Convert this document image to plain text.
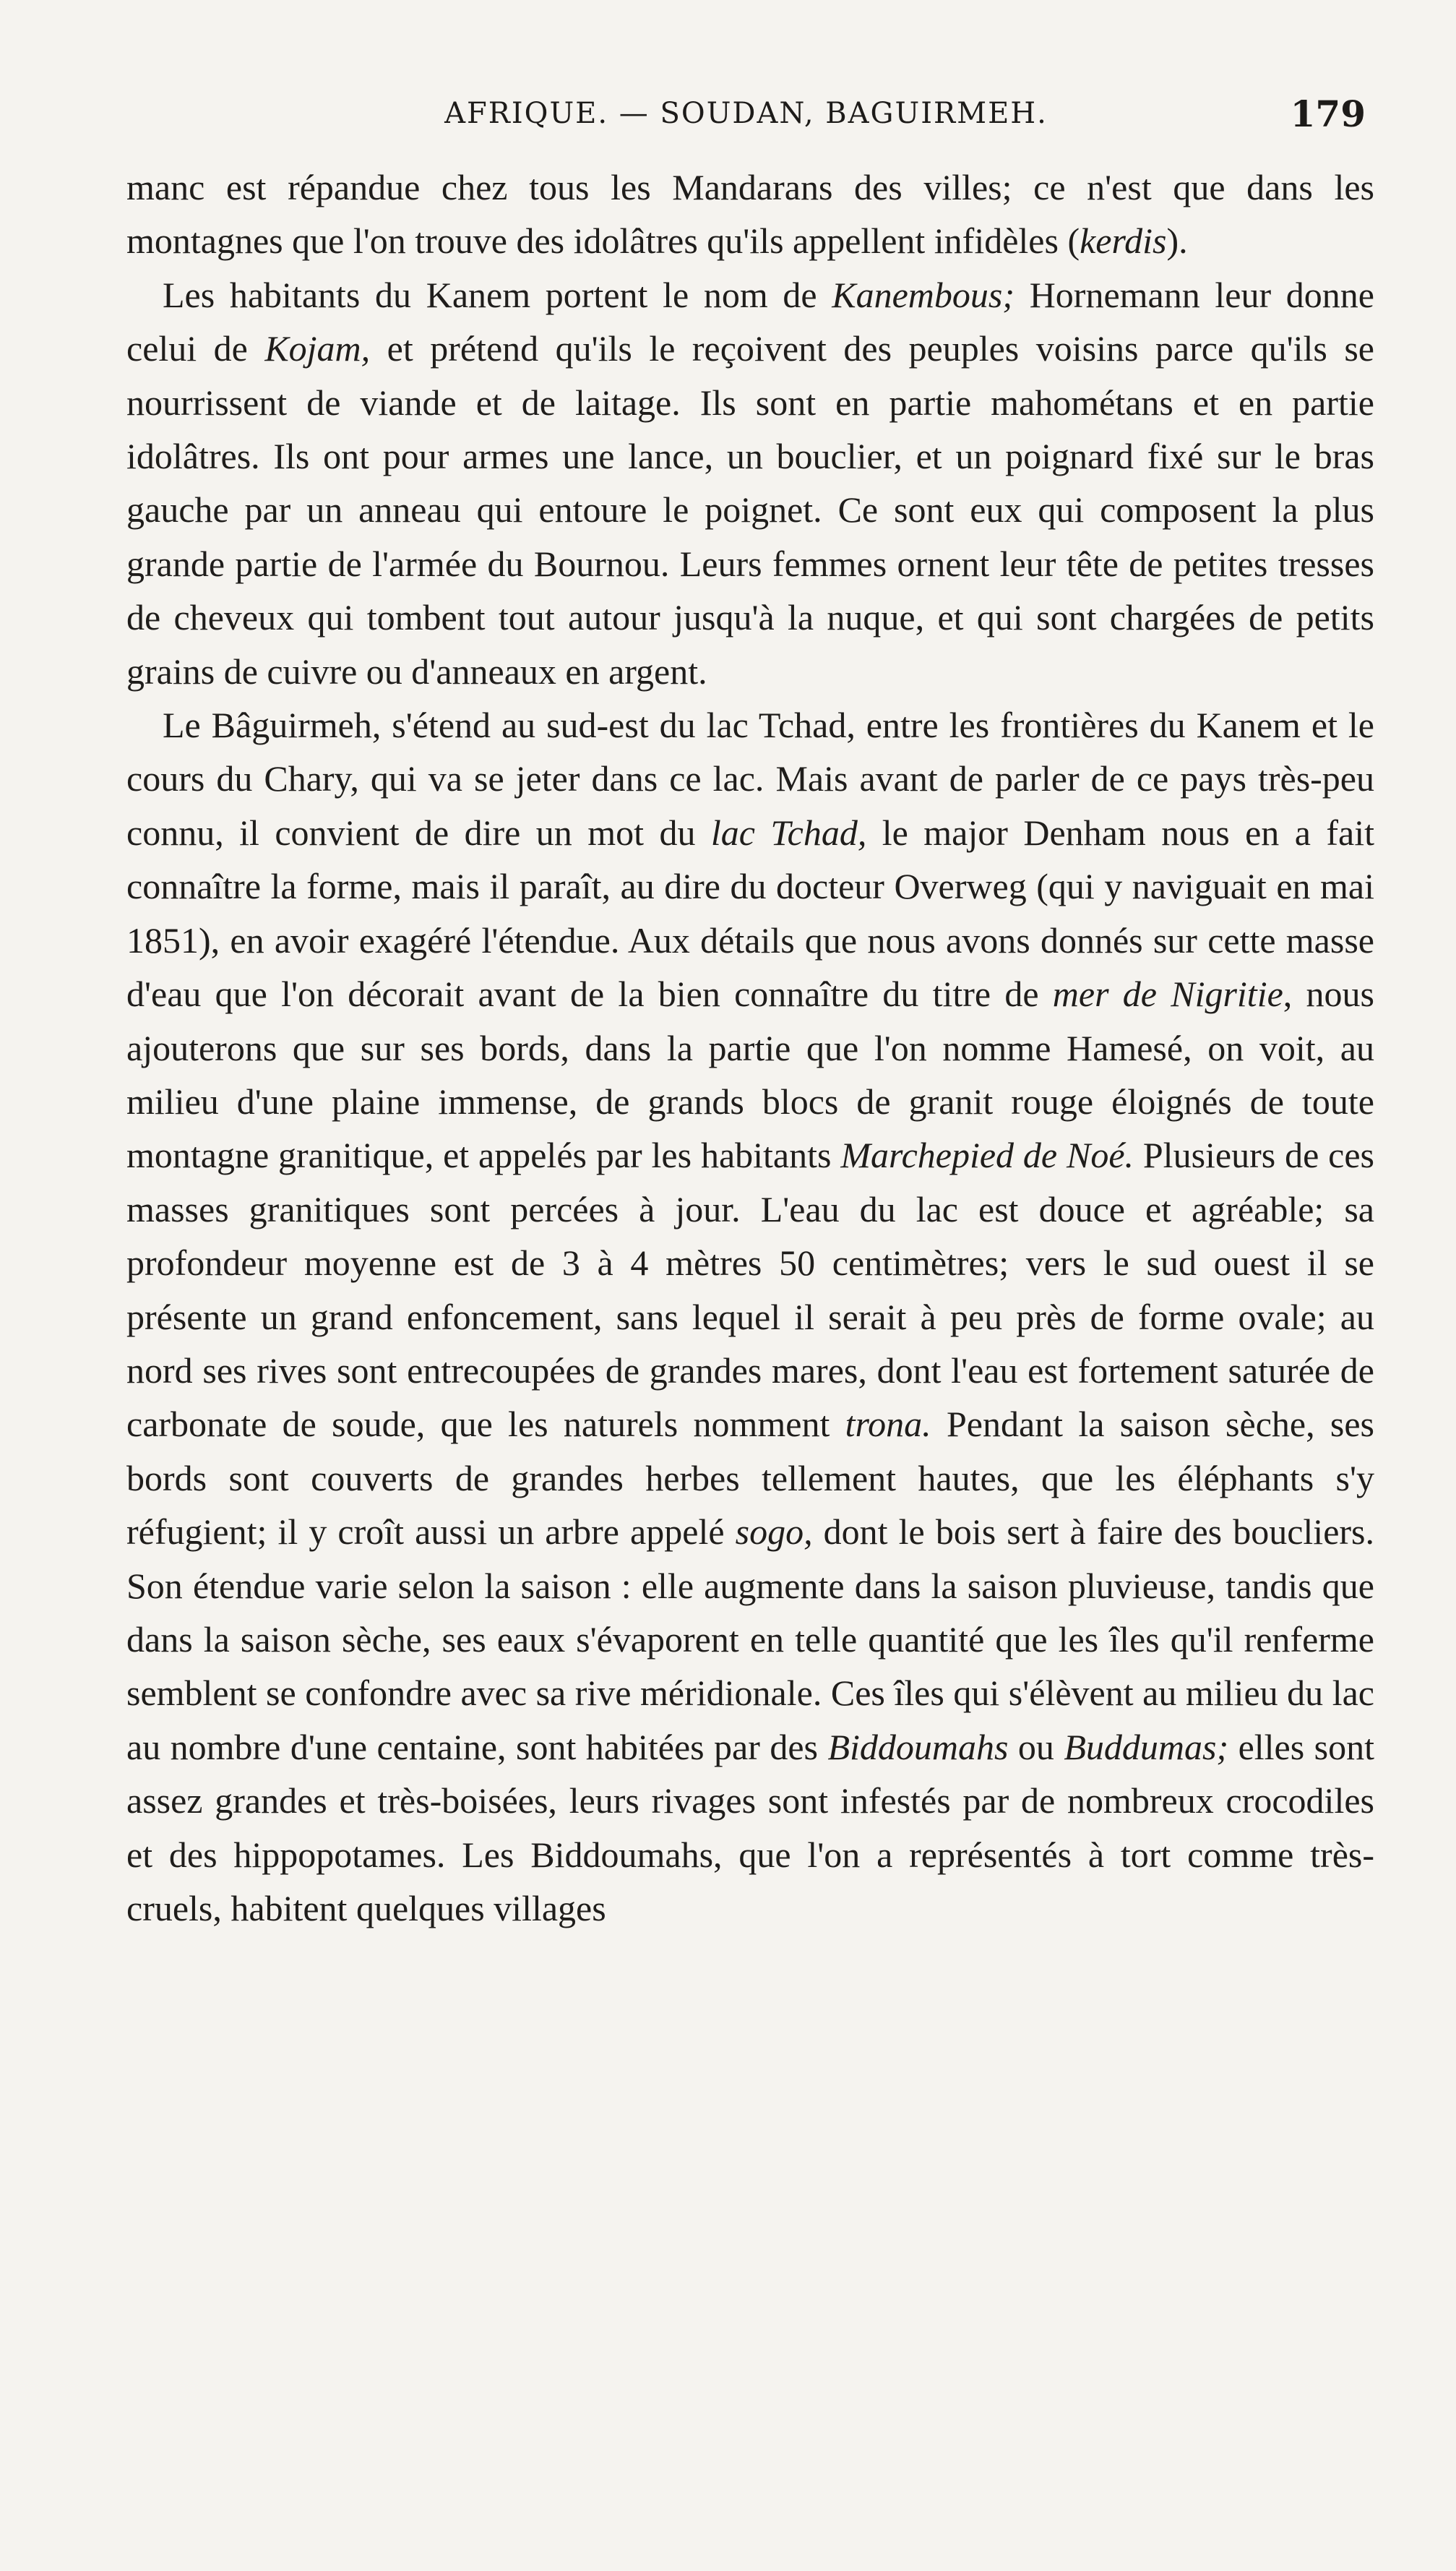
AFRIQUE. — SOUDAN, BAGUIRMEH.	179

manc est répandue chez tous les Mandarans des villes; ce n'est que dans les montagnes que l'on trouve des idolâtres qu'ils appellent infidèles (kerdis).

Les habitants du Kanem portent le nom de Kanembous; Hornemann leur donne celui de Kojam, et prétend qu'ils le reçoivent des peuples voisins parce qu'ils se nourrissent de viande et de laitage. Ils sont en partie mahométans et en partie idolâtres. Ils ont pour armes une lance, un bouclier, et un poignard fixé sur le bras gauche par un anneau qui entoure le poignet. Ce sont eux qui composent la plus grande partie de l'armée du Bournou. Leurs femmes ornent leur tête de petites tresses de cheveux qui tombent tout autour jusqu'à la nuque, et qui sont chargées de petits grains de cuivre ou d'anneaux en argent.

Le Bâguirmeh, s'étend au sud-est du lac Tchad, entre les frontières du Kanem et le cours du Chary, qui va se jeter dans ce lac. Mais avant de parler de ce pays très-peu connu, il convient de dire un mot du lac Tchad, le major Denham nous en a fait connaître la forme, mais il paraît, au dire du docteur Overweg (qui y naviguait en mai 1851), en avoir exagéré l'étendue. Aux détails que nous avons donnés sur cette masse d'eau que l'on décorait avant de la bien connaître du titre de mer de Nigritie, nous ajouterons que sur ses bords, dans la partie que l'on nomme Hamesé, on voit, au milieu d'une plaine immense, de grands blocs de granit rouge éloignés de toute montagne granitique, et appelés par les habitants Marchepied de Noé. Plusieurs de ces masses granitiques sont percées à jour. L'eau du lac est douce et agréable; sa profondeur moyenne est de 3 à 4 mètres 50 centimètres; vers le sud ouest il se présente un grand enfoncement, sans lequel il serait à peu près de forme ovale; au nord ses rives sont entrecoupées de grandes mares, dont l'eau est fortement saturée de carbonate de soude, que les naturels nomment trona. Pendant la saison sèche, ses bords sont couverts de grandes herbes tellement hautes, que les éléphants s'y réfugient; il y croît aussi un arbre appelé sogo, dont le bois sert à faire des boucliers. Son étendue varie selon la saison : elle augmente dans la saison pluvieuse, tandis que dans la saison sèche, ses eaux s'évaporent en telle quantité que les îles qu'il renferme semblent se confondre avec sa rive méridionale. Ces îles qui s'élèvent au milieu du lac au nombre d'une centaine, sont habitées par des Biddoumahs ou Buddumas; elles sont assez grandes et très-boisées, leurs rivages sont infestés par de nombreux crocodiles et des hippopotames. Les Biddoumahs, que l'on a représentés à tort comme très-cruels, habitent quelques villages
